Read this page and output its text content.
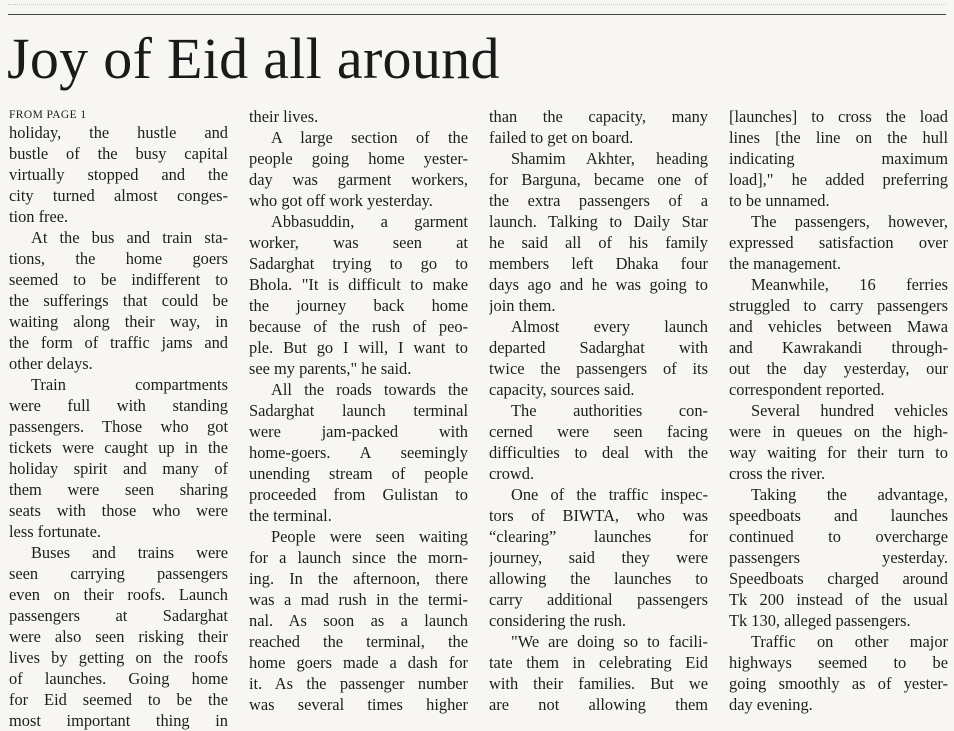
Joy of Eid all around
FROM PAGE 1
holiday, the hustle and
bustle of the busy capital
virtually stopped and the
city turned almost conges-
tion free.
At the bus and train sta-
tions, the home goers
seemed to be indifferent to
the sufferings that could be
waiting along their way, in
the form of traffic jams and
other delays.
Train compartments
were full with standing
passengers. Those who got
tickets were caught up in the
holiday spirit and many of
them were seen sharing
seats with those who were
less fortunate.
Buses and trains were
seen carrying passengers
even on their roofs. Launch
passengers at Sadarghat
were also seen risking their
lives by getting on the roofs
of launches. Going home
for Eid seemed to be the
most important thing in
their lives.
A large section of the
people going home yester-
day was garment workers,
who got off work yesterday.
Abbasuddin, a garment
worker, was seen at
Sadarghat trying to go to
Bhola. "It is difficult to make
the journey back home
because of the rush of peo-
ple. But go I will, I want to
see my parents," he said.
All the roads towards the
Sadarghat launch terminal
were jam-packed with
home-goers. A seemingly
unending stream of people
proceeded from Gulistan to
the terminal.
People were seen waiting
for a launch since the morn-
ing. In the afternoon, there
was a mad rush in the termi-
nal. As soon as a launch
reached the terminal, the
home goers made a dash for
it. As the passenger number
was several times higher
than the capacity, many
failed to get on board.
Shamim Akhter, heading
for Barguna, became one of
the extra passengers of a
launch. Talking to Daily Star
he said all of his family
members left Dhaka four
days ago and he was going to
join them.
Almost every launch
departed Sadarghat with
twice the passengers of its
capacity, sources said.
The authorities con-
cerned were seen facing
difficulties to deal with the
crowd.
One of the traffic inspec-
tors of BIWTA, who was
“clearing” launches for
journey, said they were
allowing the launches to
carry additional passengers
considering the rush.
"We are doing so to facili-
tate them in celebrating Eid
with their families. But we
are not allowing them
[launches] to cross the load
lines [the line on the hull
indicating maximum
load]," he added preferring
to be unnamed.
The passengers, however,
expressed satisfaction over
the management.
Meanwhile, 16 ferries
struggled to carry passengers
and vehicles between Mawa
and Kawrakandi through-
out the day yesterday, our
correspondent reported.
Several hundred vehicles
were in queues on the high-
way waiting for their turn to
cross the river.
Taking the advantage,
speedboats and launches
continued to overcharge
passengers yesterday.
Speedboats charged around
Tk 200 instead of the usual
Tk 130, alleged passengers.
Traffic on other major
highways seemed to be
going smoothly as of yester-
day evening.
